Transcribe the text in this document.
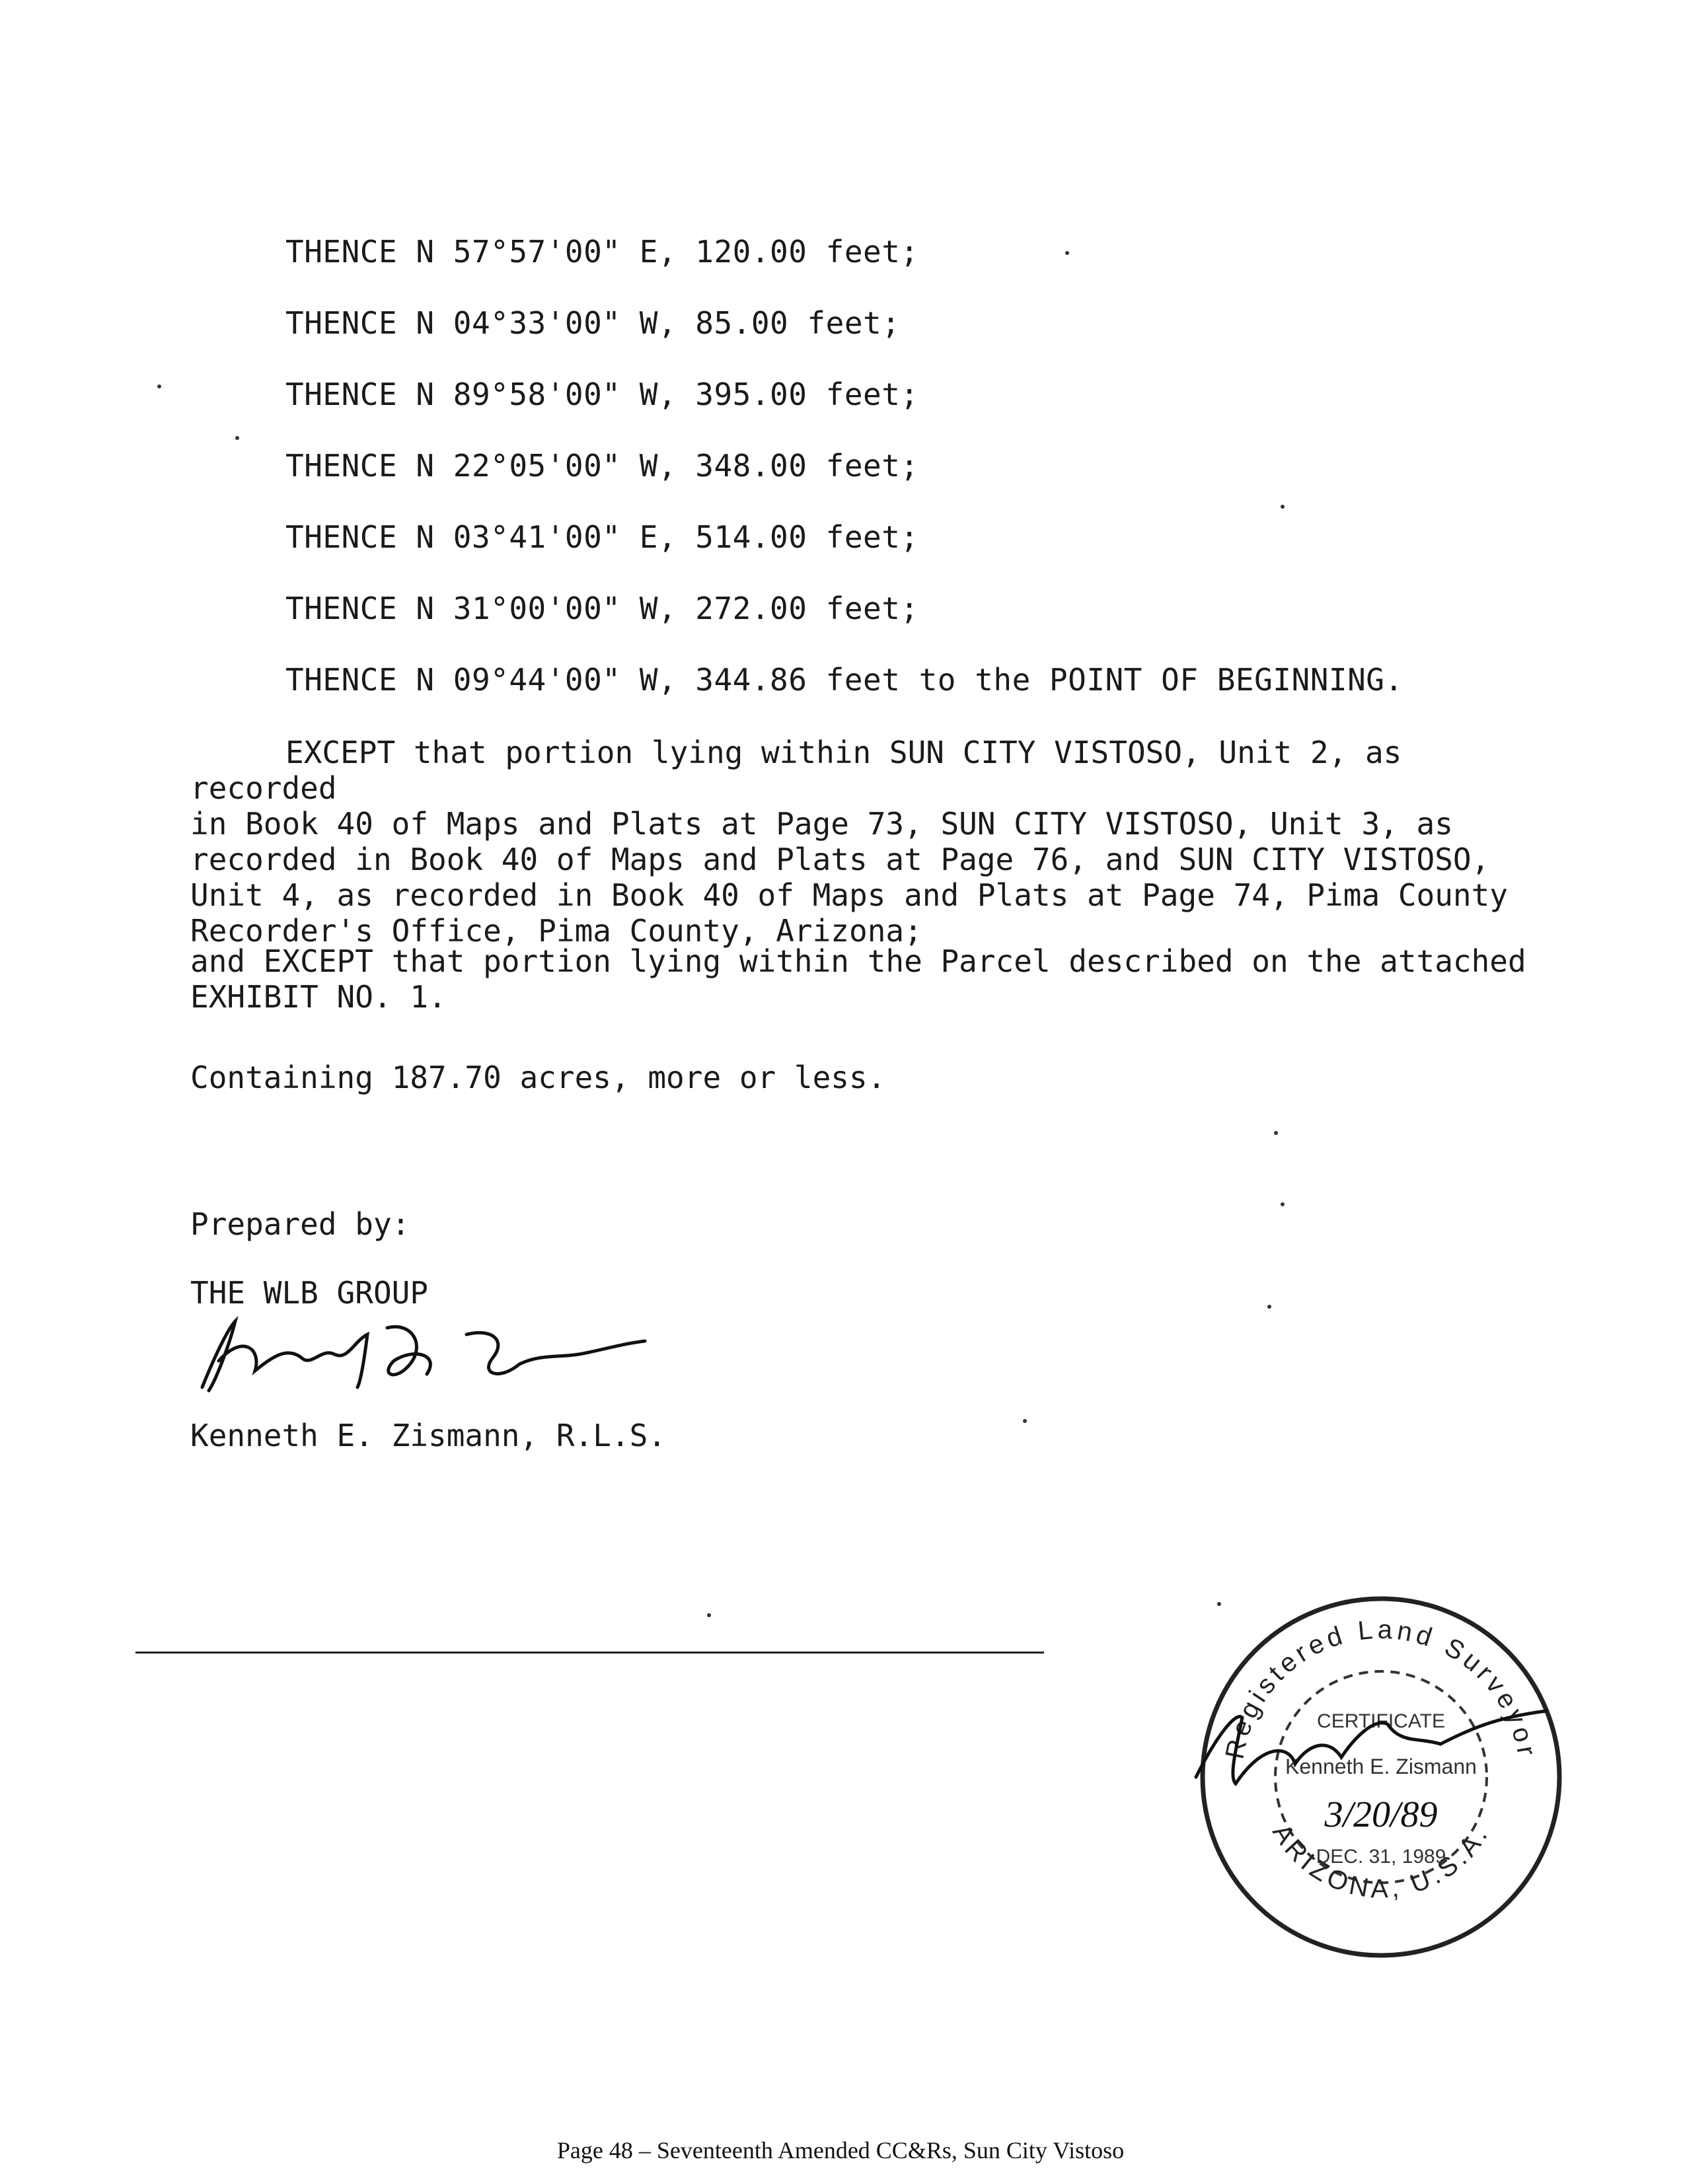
THENCE N 57°57'00" E, 120.00 feet;
THENCE N 04°33'00" W, 85.00 feet;
THENCE N 89°58'00" W, 395.00 feet;
THENCE N 22°05'00" W, 348.00 feet;
THENCE N 03°41'00" E, 514.00 feet;
THENCE N 31°00'00" W, 272.00 feet;
THENCE N 09°44'00" W, 344.86 feet to the POINT OF BEGINNING.
EXCEPT that portion lying within SUN CITY VISTOSO, Unit 2, as recorded
in Book 40 of Maps and Plats at Page 73, SUN CITY VISTOSO, Unit 3, as
recorded in Book 40 of Maps and Plats at Page 76, and SUN CITY VISTOSO,
Unit 4, as recorded in Book 40 of Maps and Plats at Page 74, Pima County
Recorder's Office, Pima County, Arizona;
and EXCEPT that portion lying within the Parcel described on the attached
EXHIBIT NO. 1.
Containing 187.70 acres, more or less.
Prepared by:
THE WLB GROUP
Kenneth E. Zismann, R.L.S.
Registered Land Surveyor
ARIZONA, U.S.A.
CERTIFICATE
Kenneth E. Zismann
3/20/89
DEC. 31, 1989
Page 48 – Seventeenth Amended CC&Rs, Sun City Vistoso
